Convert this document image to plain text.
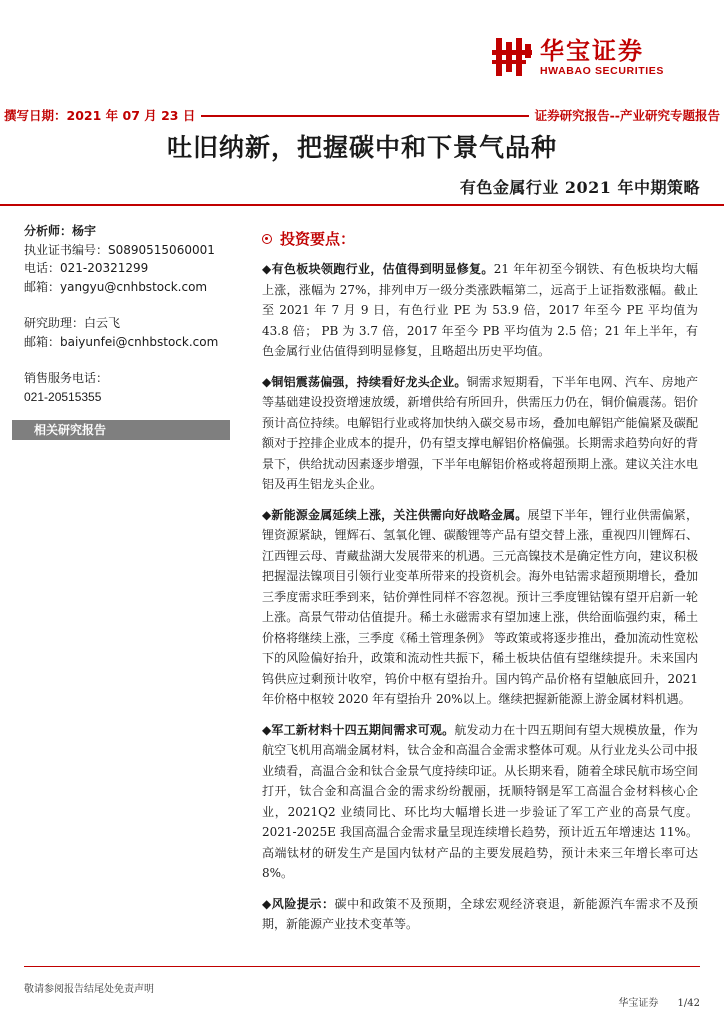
华宝证券
HWABAO SECURITIES
撰写日期：2021 年 07 月 23 日	证券研究报告--产业研究专题报告
吐旧纳新，把握碳中和下景气品种
有色金属行业 2021 年中期策略
分析师：杨宇
执业证书编号：S0890515060001
电话：021-20321299
邮箱：yangyu@cnhbstock.com
研究助理：白云飞
邮箱：baiyunfei@cnhbstock.com
销售服务电话：
021-20515355
相关研究报告
投资要点：
◆有色板块领跑行业，估值得到明显修复。21 年年初至今钢铁、有色板块均大幅上涨，涨幅为 27%，排列申万一级分类涨跌幅第二，远高于上证指数涨幅。截止至 2021 年 7 月 9 日，有色行业 PE 为 53.9 倍，2017 年至今 PE 平均值为 43.8 倍； PB 为 3.7 倍，2017 年至今 PB 平均值为 2.5 倍；21 年上半年，有色金属行业估值得到明显修复，且略超出历史平均值。
◆铜铝震荡偏强，持续看好龙头企业。铜需求短期看，下半年电网、汽车、房地产等基础建设投资增速放缓，新增供给有所回升，供需压力仍在，铜价偏震荡。铝价预计高位持续。电解铝行业或将加快纳入碳交易市场，叠加电解铝产能偏紧及碳配额对于控排企业成本的提升，仍有望支撑电解铝价格偏强。长期需求趋势向好的背景下，供给扰动因素逐步增强，下半年电解铝价格或将超预期上涨。建议关注水电铝及再生铝龙头企业。
◆新能源金属延续上涨，关注供需向好战略金属。展望下半年，锂行业供需偏紧，锂资源紧缺，锂辉石、氢氧化锂、碳酸锂等产品有望交替上涨，重视四川锂辉石、江西锂云母、青藏盐湖大发展带来的机遇。三元高镍技术是确定性方向，建议积极把握湿法镍项目引领行业变革所带来的投资机会。海外电钴需求超预期增长，叠加三季度需求旺季到来，钴价弹性同样不容忽视。预计三季度锂钴镍有望开启新一轮上涨。高景气带动估值提升。稀土永磁需求有望加速上涨，供给面临强约束，稀土价格将继续上涨，三季度《稀土管理条例》 等政策或将逐步推出，叠加流动性宽松下的风险偏好抬升，政策和流动性共振下，稀土板块估值有望继续提升。未来国内钨供应过剩预计收窄，钨价中枢有望抬升。国内钨产品价格有望触底回升，2021 年价格中枢较 2020 年有望抬升 20%以上。继续把握新能源上游金属材料机遇。
◆军工新材料十四五期间需求可观。航发动力在十四五期间有望大规模放量，作为航空飞机用高端金属材料，钛合金和高温合金需求整体可观。从行业龙头公司中报业绩看，高温合金和钛合金景气度持续印证。从长期来看，随着全球民航市场空间打开，钛合金和高温合金的需求纷纷靓丽，抚顺特钢是军工高温合金材料核心企业，2021Q2 业绩同比、环比均大幅增长进一步验证了军工产业的高景气度。2021-2025E 我国高温合金需求量呈现连续增长趋势，预计近五年增速达 11%。高端钛材的研发生产是国内钛材产品的主要发展趋势，预计未来三年增长率可达 8%。
◆风险提示：碳中和政策不及预期，全球宏观经济衰退，新能源汽车需求不及预期，新能源产业技术变革等。
敬请参阅报告结尾处免责声明
华宝证券 1/42
